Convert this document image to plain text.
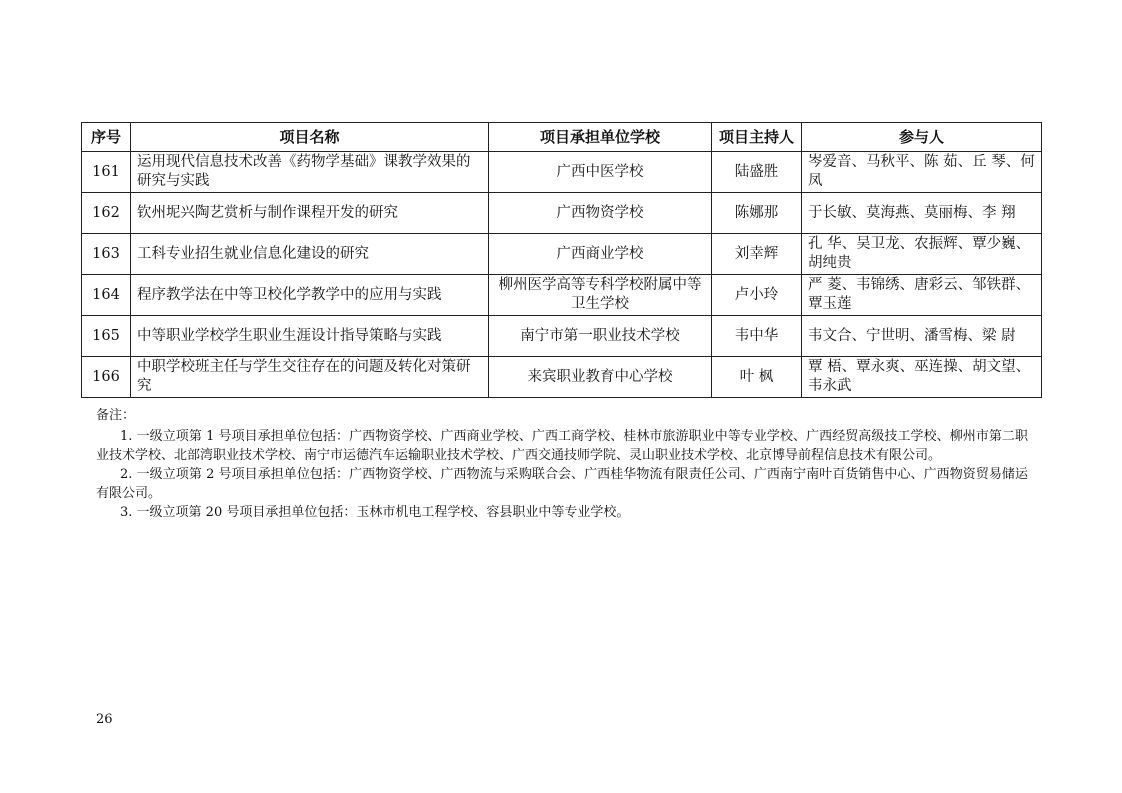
序号	项目名称	项目承担单位学校	项目主持人	参与人
161	运用现代信息技术改善《药物学基础》课教学效果的研究与实践	广西中医学校	陆盛胜	岑爱音、马秋平、陈 茹、丘 琴、何 凤
162	钦州坭兴陶艺赏析与制作课程开发的研究	广西物资学校	陈娜那	于长敏、莫海燕、莫丽梅、李 翔
163	工科专业招生就业信息化建设的研究	广西商业学校	刘幸辉	孔 华、吴卫龙、农振辉、覃少巍、胡纯贵
164	程序教学法在中等卫校化学教学中的应用与实践	柳州医学高等专科学校附属中等卫生学校	卢小玲	严 菱、韦锦绣、唐彩云、邹铁群、覃玉莲
165	中等职业学校学生职业生涯设计指导策略与实践	南宁市第一职业技术学校	韦中华	韦文合、宁世明、潘雪梅、梁 尉
166	中职学校班主任与学生交往存在的问题及转化对策研究	来宾职业教育中心学校	叶 枫	覃 梧、覃永爽、巫连操、胡文望、韦永武
备注：
1. 一级立项第 1 号项目承担单位包括：广西物资学校、广西商业学校、广西工商学校、桂林市旅游职业中等专业学校、广西经贸高级技工学校、柳州市第二职业技术学校、北部湾职业技术学校、南宁市运德汽车运输职业技术学校、广西交通技师学院、灵山职业技术学校、北京博导前程信息技术有限公司。
2. 一级立项第 2 号项目承担单位包括：广西物资学校、广西物流与采购联合会、广西桂华物流有限责任公司、广西南宁南叶百货销售中心、广西物资贸易储运有限公司。
3. 一级立项第 20 号项目承担单位包括：玉林市机电工程学校、容县职业中等专业学校。
26
